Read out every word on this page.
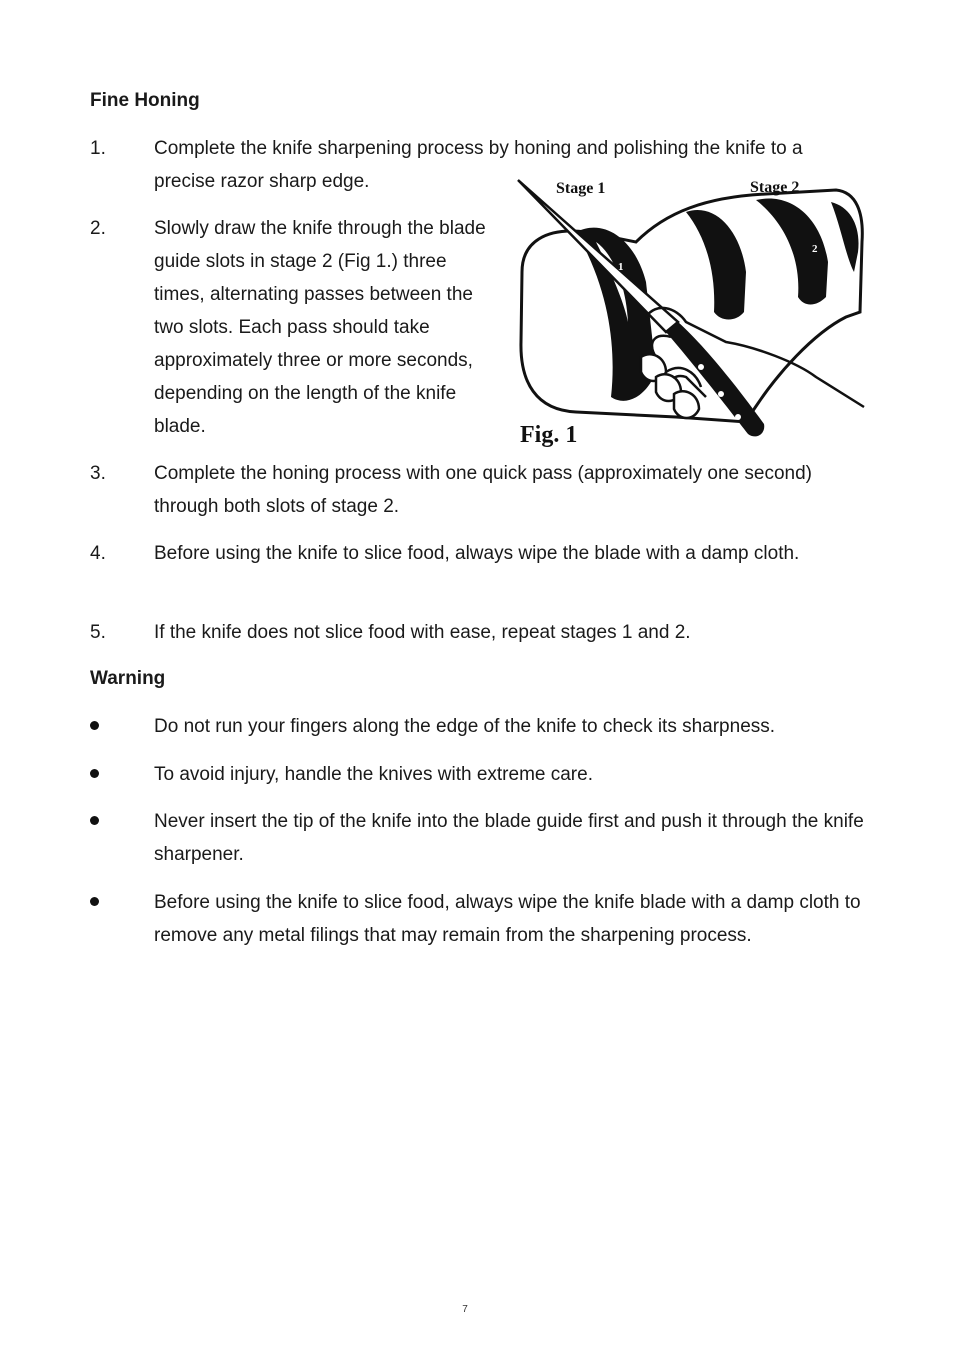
Fine Honing
1.	Complete the knife sharpening process by honing and polishing the knife to a precise razor sharp edge.
2.	Slowly draw the knife through the blade guide slots in stage 2 (Fig 1.) three times, alternating passes between the two slots. Each pass should take approximately three or more seconds, depending on the length of the knife blade.
3.	Complete the honing process with one quick pass (approximately one second) through both slots of stage 2.
4.	Before using the knife to slice food, always wipe the blade with a damp cloth.
5.	If the knife does not slice food with ease, repeat stages 1 and 2.
Stage 1	Stage 2
1
2
Fig. 1
Warning
Do not run your fingers along the edge of the knife to check its sharpness.
To avoid injury, handle the knives with extreme care.
Never insert the tip of the knife into the blade guide first and push it through the knife sharpener.
Before using the knife to slice food, always wipe the knife blade with a damp cloth to remove any metal filings that may remain from the sharpening process.
7
